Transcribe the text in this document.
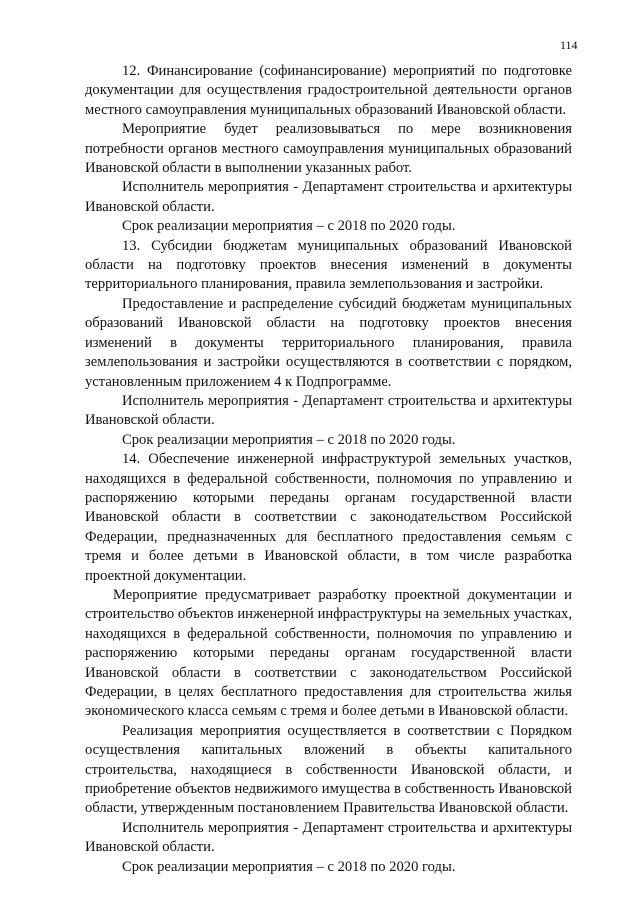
114

12. Финансирование (софинансирование) мероприятий по подготовке документации для осуществления градостроительной деятельности органов местного самоуправления муниципальных образований Ивановской области.

Мероприятие будет реализовываться по мере возникновения потребности органов местного самоуправления муниципальных образований Ивановской области в выполнении указанных работ.

Исполнитель мероприятия - Департамент строительства и архитектуры Ивановской области.

Срок реализации мероприятия – с 2018 по 2020 годы.

13. Субсидии бюджетам муниципальных образований Ивановской области на подготовку проектов внесения изменений в документы территориального планирования, правила землепользования и застройки.

Предоставление и распределение субсидий бюджетам муниципальных образований Ивановской области на подготовку проектов внесения изменений в документы территориального планирования, правила землепользования и застройки осуществляются в соответствии с порядком, установленным приложением 4 к Подпрограмме.

Исполнитель мероприятия - Департамент строительства и архитектуры Ивановской области.

Срок реализации мероприятия – с 2018 по 2020 годы.

14. Обеспечение инженерной инфраструктурой земельных участков, находящихся в федеральной собственности, полномочия по управлению и распоряжению которыми переданы органам государственной власти Ивановской области в соответствии с законодательством Российской Федерации, предназначенных для бесплатного предоставления семьям с тремя и более детьми в Ивановской области, в том числе разработка проектной документации.

Мероприятие предусматривает разработку проектной документации и строительство объектов инженерной инфраструктуры на земельных участках, находящихся в федеральной собственности, полномочия по управлению и распоряжению которыми переданы органам государственной власти Ивановской области в соответствии с законодательством Российской Федерации, в целях бесплатного предоставления для строительства жилья экономического класса семьям с тремя и более детьми в Ивановской области.

Реализация мероприятия осуществляется в соответствии с Порядком осуществления капитальных вложений в объекты капитального строительства, находящиеся в собственности Ивановской области, и приобретение объектов недвижимого имущества в собственность Ивановской области, утвержденным постановлением Правительства Ивановской области.

Исполнитель мероприятия - Департамент строительства и архитектуры Ивановской области.

Срок реализации мероприятия – с 2018 по 2020 годы.
